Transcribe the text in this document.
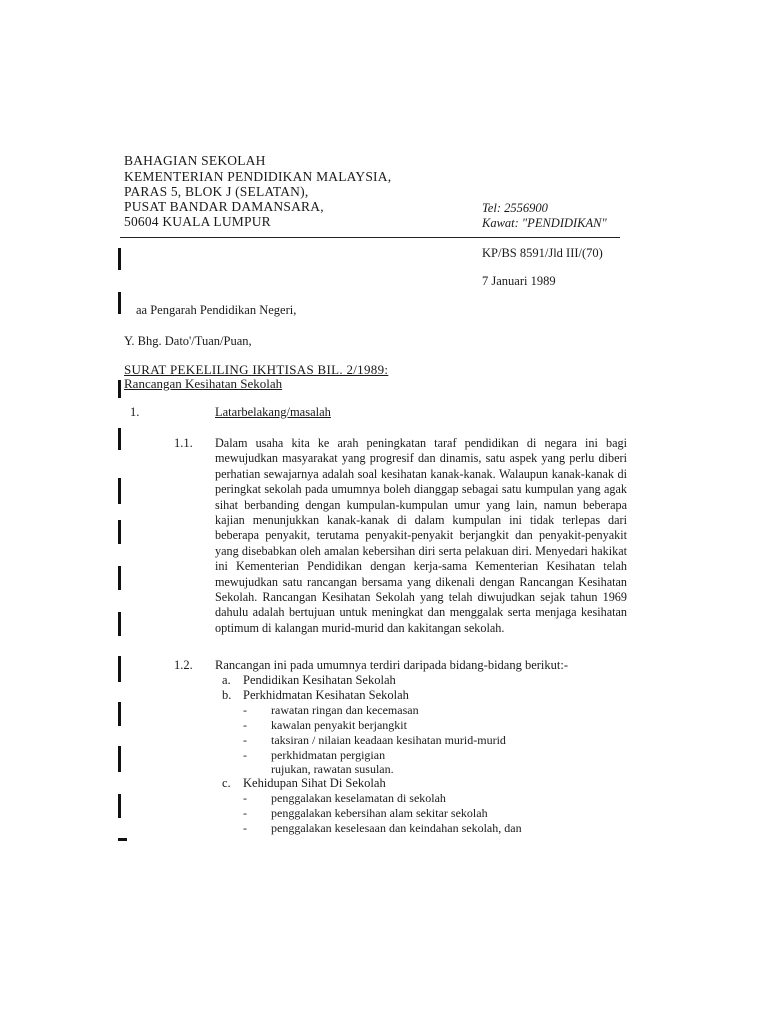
BAHAGIAN SEKOLAH
KEMENTERIAN PENDIDIKAN MALAYSIA,
PARAS 5, BLOK J (SELATAN),
PUSAT BANDAR DAMANSARA,
50604 KUALA LUMPUR
Tel: 2556900
Kawat: "PENDIDIKAN"
KP/BS 8591/Jld III/(70)
7 Januari 1989
aa Pengarah Pendidikan Negeri,
Y. Bhg. Dato'/Tuan/Puan,
SURAT PEKELILING IKHTISAS BIL. 2/1989:
Rancangan Kesihatan Sekolah
1.	Latarbelakang/masalah
1.1. Dalam usaha kita ke arah peningkatan taraf pendidikan di negara ini bagi mewujudkan masyarakat yang progresif dan dinamis, satu aspek yang perlu diberi perhatian sewajarnya adalah soal kesihatan kanak-kanak. Walaupun kanak-kanak di peringkat sekolah pada umumnya boleh dianggap sebagai satu kumpulan yang agak sihat berbanding dengan kumpulan-kumpulan umur yang lain, namun beberapa kajian menunjukkan kanak-kanak di dalam kumpulan ini tidak terlepas dari beberapa penyakit, terutama penyakit-penyakit berjangkit dan penyakit-penyakit yang disebabkan oleh amalan kebersihan diri serta pelakuan diri. Menyedari hakikat ini Kementerian Pendidikan dengan kerja-sama Kementerian Kesihatan telah mewujudkan satu rancangan bersama yang dikenali dengan Rancangan Kesihatan Sekolah. Rancangan Kesihatan Sekolah yang telah diwujudkan sejak tahun 1969 dahulu adalah bertujuan untuk meningkat dan menggalak serta menjaga kesihatan optimum di kalangan murid-murid dan kakitangan sekolah.
1.2. Rancangan ini pada umumnya terdiri daripada bidang-bidang berikut:-
a. Pendidikan Kesihatan Sekolah
b. Perkhidmatan Kesihatan Sekolah
- rawatan ringan dan kecemasan
- kawalan penyakit berjangkit
- taksiran / nilaian keadaan kesihatan murid-murid
- perkhidmatan pergigian
rujukan, rawatan susulan.
c. Kehidupan Sihat Di Sekolah
- penggalakan keselamatan di sekolah
- penggalakan kebersihan alam sekitar sekolah
- penggalakan keselesaan dan keindahan sekolah, dan
